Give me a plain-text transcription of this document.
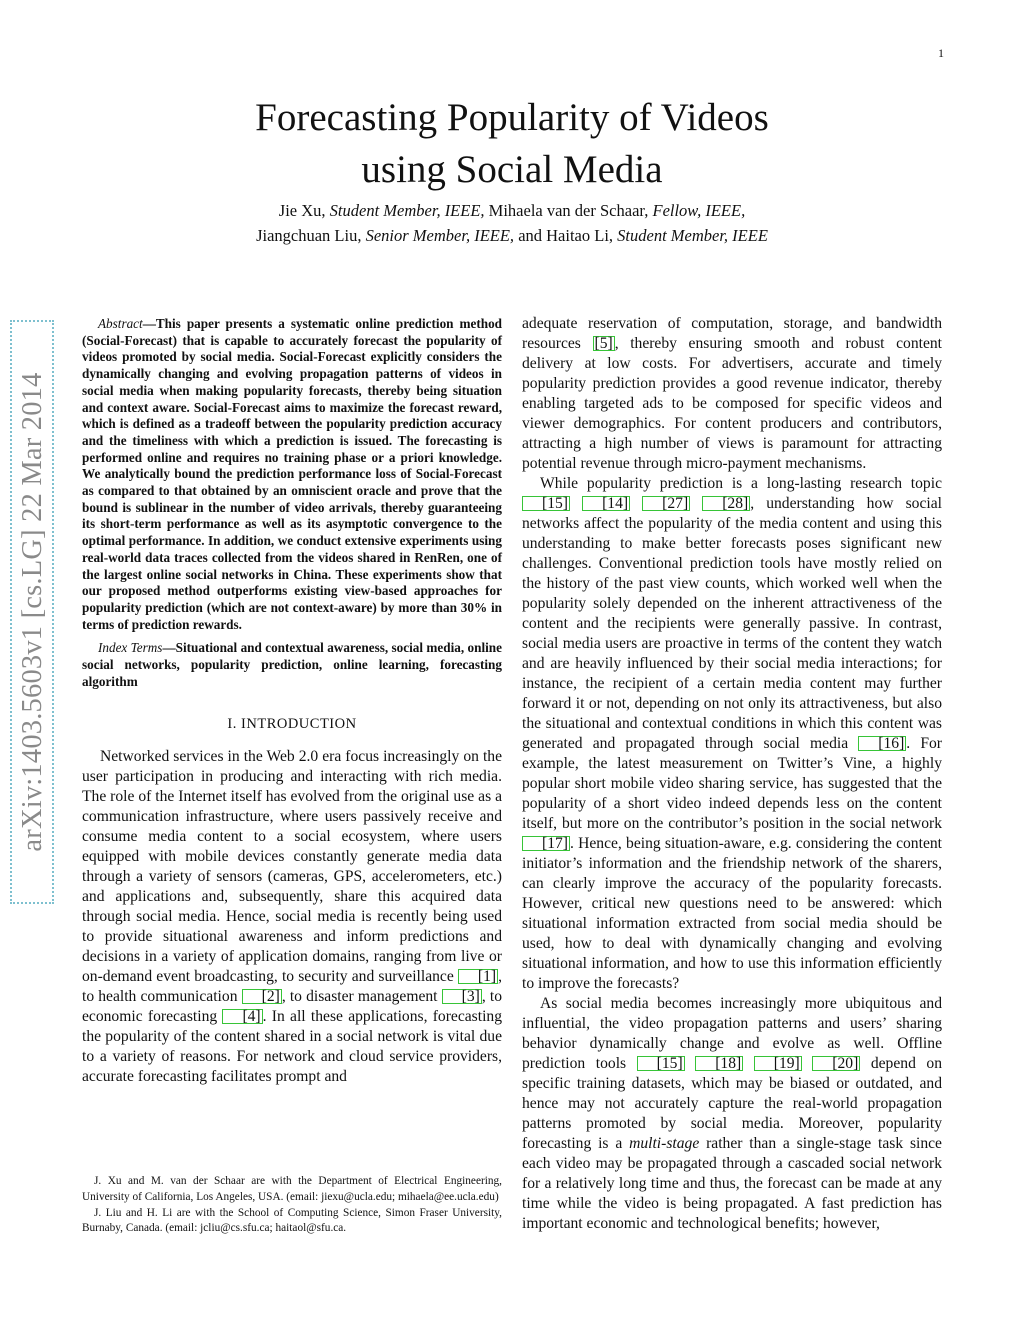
1
arXiv:1403.5603v1 [cs.LG] 22 Mar 2014
Forecasting Popularity of Videos
using Social Media
Jie Xu, Student Member, IEEE, Mihaela van der Schaar, Fellow, IEEE,
Jiangchuan Liu, Senior Member, IEEE, and Haitao Li, Student Member, IEEE

Abstract—This paper presents a systematic online prediction method (Social-Forecast) that is capable to accurately forecast the popularity of videos promoted by social media. Social-Forecast explicitly considers the dynamically changing and evolving propagation patterns of videos in social media when making popularity forecasts, thereby being situation and context aware. Social-Forecast aims to maximize the forecast reward, which is defined as a tradeoff between the popularity prediction accuracy and the timeliness with which a prediction is issued. The forecasting is performed online and requires no training phase or a priori knowledge. We analytically bound the prediction performance loss of Social-Forecast as compared to that obtained by an omniscient oracle and prove that the bound is sublinear in the number of video arrivals, thereby guaranteeing its short-term performance as well as its asymptotic convergence to the optimal performance. In addition, we conduct extensive experiments using real-world data traces collected from the videos shared in RenRen, one of the largest online social networks in China. These experiments show that our proposed method outperforms existing view-based approaches for popularity prediction (which are not context-aware) by more than 30% in terms of prediction rewards.

Index Terms—Situational and contextual awareness, social media, online social networks, popularity prediction, online learning, forecasting algorithm

I. INTRODUCTION

Networked services in the Web 2.0 era focus increasingly on the user participation in producing and interacting with rich media. The role of the Internet itself has evolved from the original use as a communication infrastructure, where users passively receive and consume media content to a social ecosystem, where users equipped with mobile devices constantly generate media data through a variety of sensors (cameras, GPS, accelerometers, etc.) and applications and, subsequently, share this acquired data through social media. Hence, social media is recently being used to provide situational awareness and inform predictions and decisions in a variety of application domains, ranging from live or on-demand event broadcasting, to security and surveillance [1] , to health communication [2] , to disaster management [3] , to economic forecasting [4] . In all these applications, forecasting the popularity of the content shared in a social network is vital due to a variety of reasons. For network and cloud service providers, accurate forecasting facilitates prompt and

J. Xu and M. van der Schaar are with the Department of Electrical Engineering, University of California, Los Angeles, USA. (email: jiexu@ucla.edu; mihaela@ee.ucla.edu)

J. Liu and H. Li are with the School of Computing Science, Simon Fraser University, Burnaby, Canada. (email: jcliu@cs.sfu.ca; haitaol@sfu.ca.

adequate reservation of computation, storage, and bandwidth resources [5] , thereby ensuring smooth and robust content delivery at low costs. For advertisers, accurate and timely popularity prediction provides a good revenue indicator, thereby enabling targeted ads to be composed for specific videos and viewer demographics. For content producers and contributors, attracting a high number of views is paramount for attracting potential revenue through micro-payment mechanisms.

While popularity prediction is a long-lasting research topic [15] [14] [27] [28] , understanding how social networks affect the popularity of the media content and using this understanding to make better forecasts poses significant new challenges. Conventional prediction tools have mostly relied on the history of the past view counts, which worked well when the popularity solely depended on the inherent attractiveness of the content and the recipients were generally passive. In contrast, social media users are proactive in terms of the content they watch and are heavily influenced by their social media interactions; for instance, the recipient of a certain media content may further forward it or not, depending on not only its attractiveness, but also the situational and contextual conditions in which this content was generated and propagated through social media [16] . For example, the latest measurement on Twitter’s Vine, a highly popular short mobile video sharing service, has suggested that the popularity of a short video indeed depends less on the content itself, but more on the contributor’s position in the social network [17] . Hence, being situation-aware, e.g. considering the content initiator’s information and the friendship network of the sharers, can clearly improve the accuracy of the popularity forecasts. However, critical new questions need to be answered: which situational information extracted from social media should be used, how to deal with dynamically changing and evolving situational information, and how to use this information efficiently to improve the forecasts?

As social media becomes increasingly more ubiquitous and influential, the video propagation patterns and users’ sharing behavior dynamically change and evolve as well. Offline prediction tools [15] [18] [19] [20] depend on specific training datasets, which may be biased or outdated, and hence may not accurately capture the real-world propagation patterns promoted by social media. Moreover, popularity forecasting is a multi-stage rather than a single-stage task since each video may be propagated through a cascaded social network for a relatively long time and thus, the forecast can be made at any time while the video is being propagated. A fast prediction has important economic and technological benefits; however,
